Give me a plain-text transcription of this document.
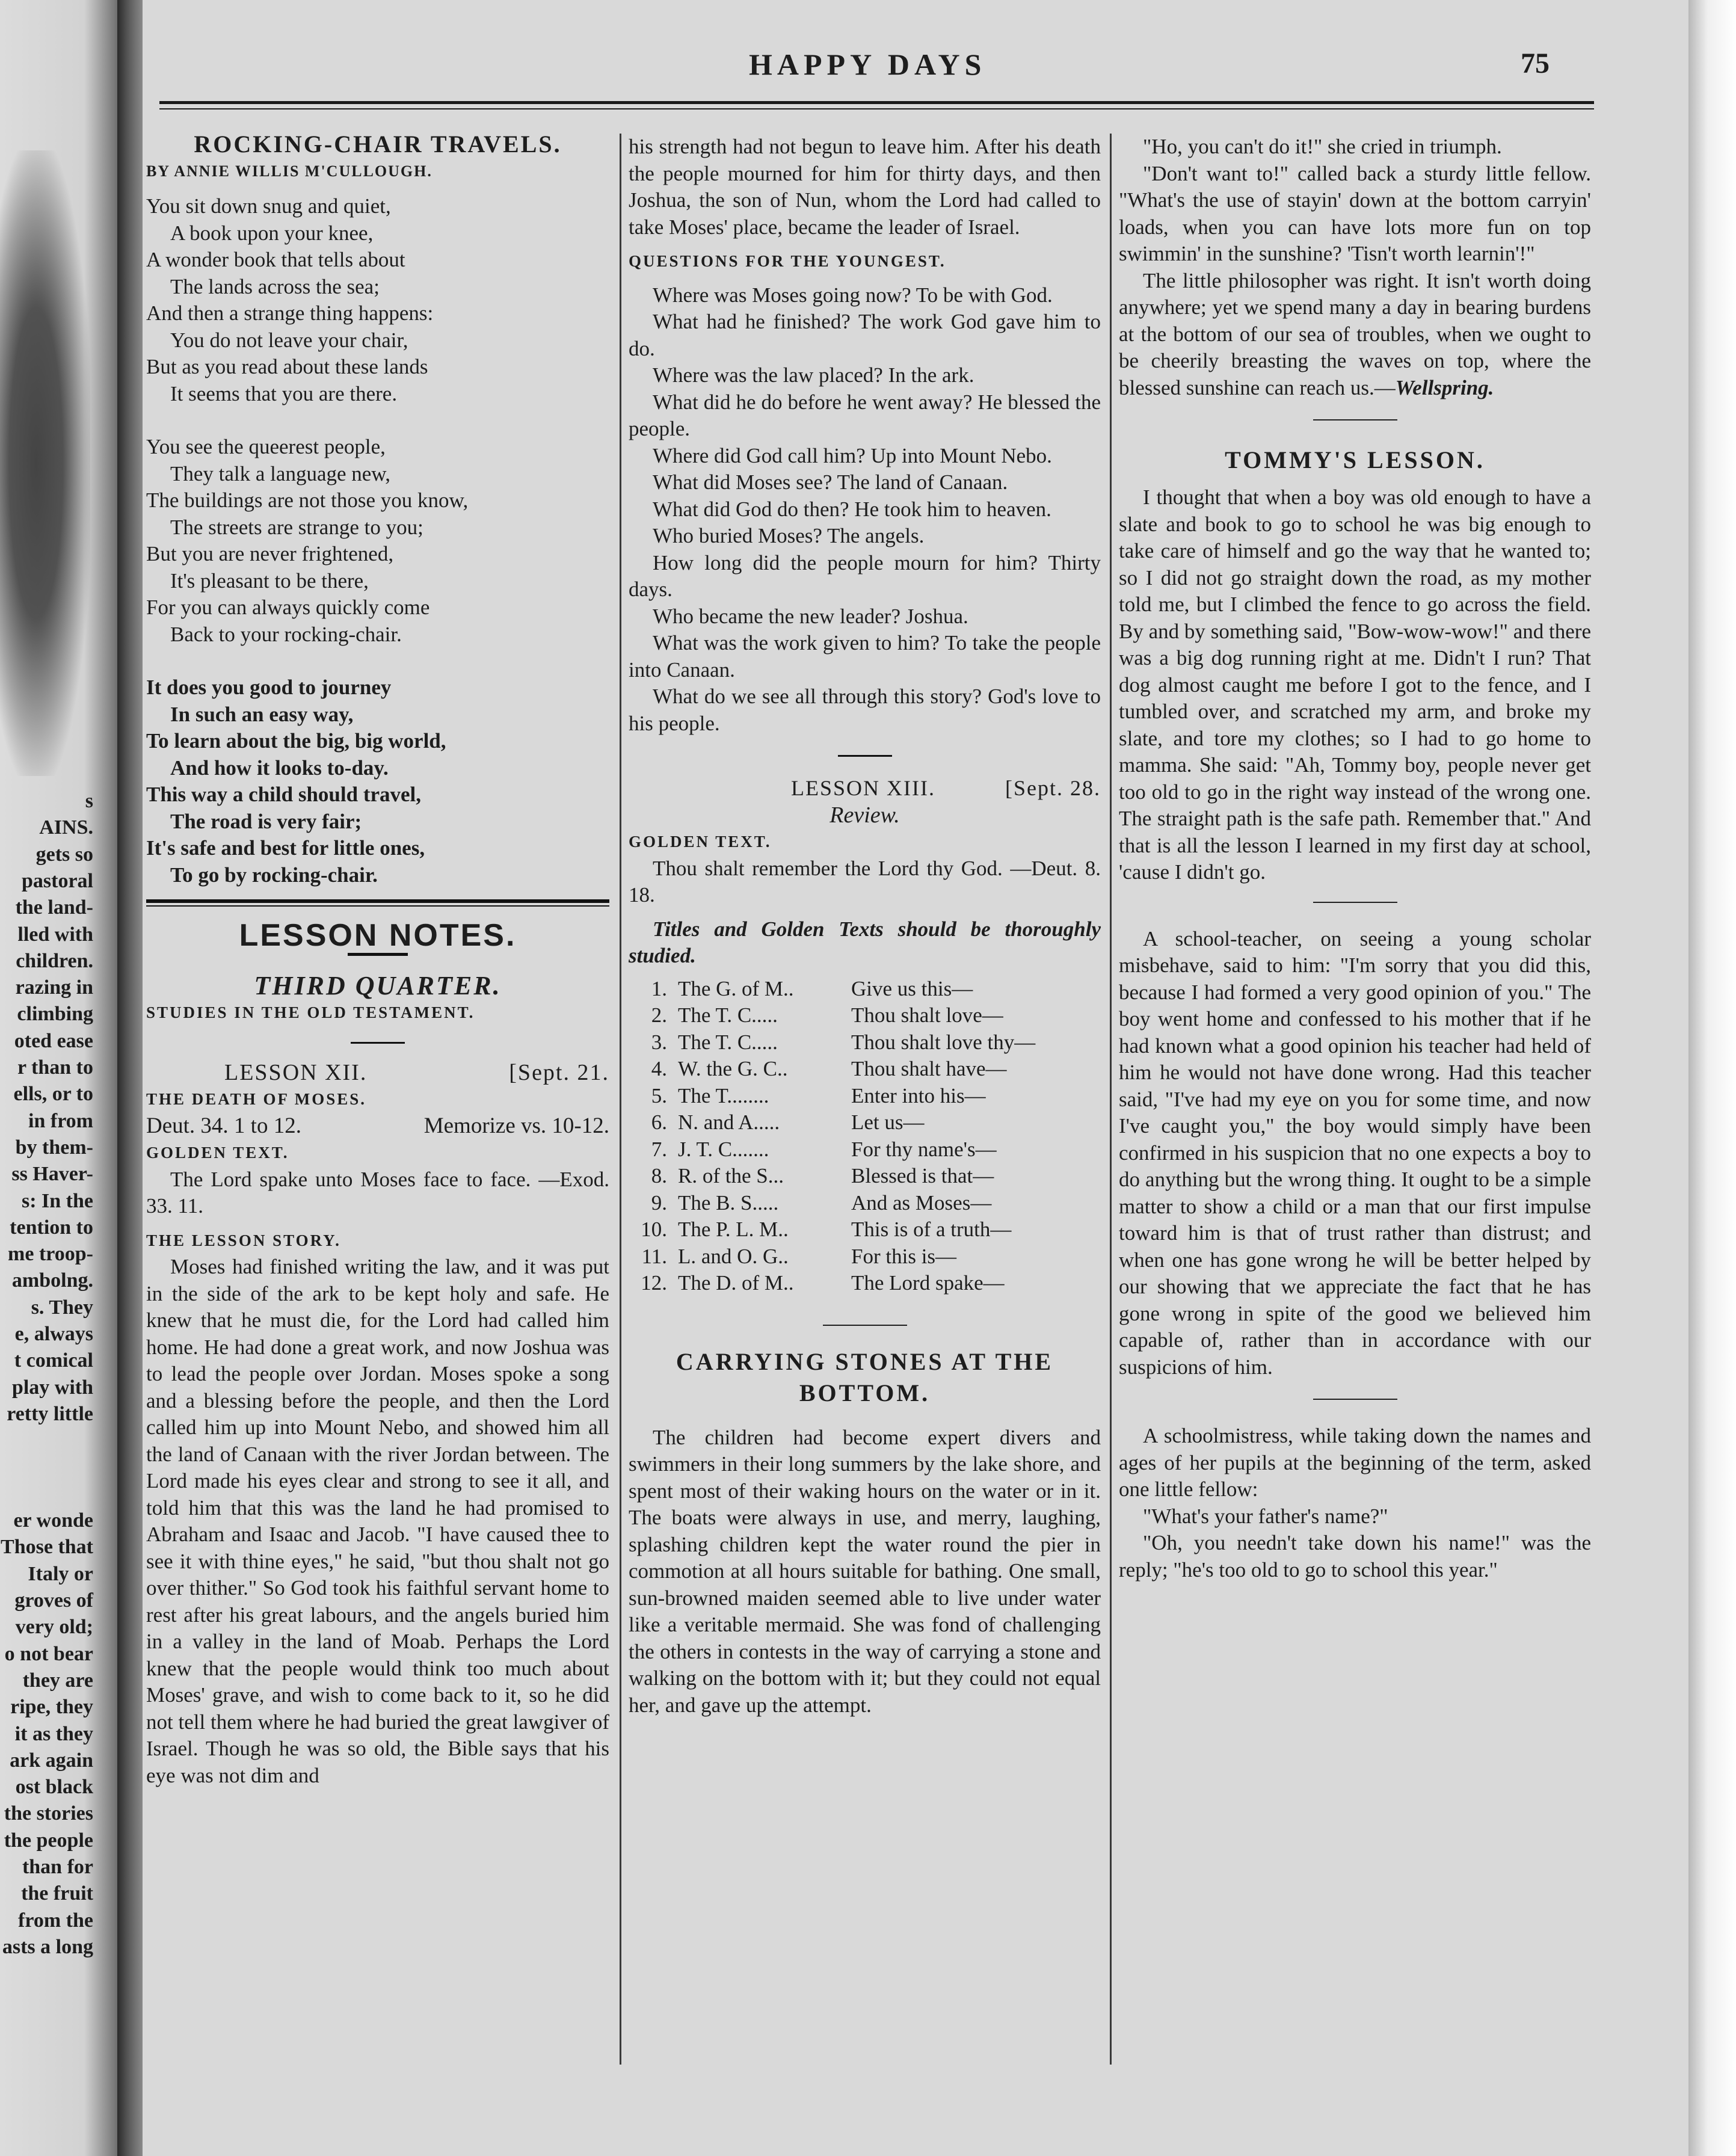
s
AINS.
gets so
pastoral
the land-
lled with
children.
razing in
climbing
oted ease
r than to
ells, or to
in from
by them-
ss Haver-
s: In the
tention to
me troop-
ambolng.
s. They
e, always
t comical
play with
retty little
er wonde
Those that
Italy or
groves of
very old;
o not bear
they are
ripe, they
it as they
ark again
ost black
the stories
the people
than for
the fruit
from the
asts a long
HAPPY DAYS	75
ROCKING-CHAIR TRAVELS.

BY ANNIE WILLIS M'CULLOUGH.

You sit down snug and quiet,
A book upon your knee,
A wonder book that tells about
The lands across the sea;
And then a strange thing happens:
You do not leave your chair,
But as you read about these lands
It seems that you are there.
You see the queerest people,
They talk a language new,
The buildings are not those you know,
The streets are strange to you;
But you are never frightened,
It's pleasant to be there,
For you can always quickly come
Back to your rocking-chair.
It does you good to journey
In such an easy way,
To learn about the big, big world,
And how it looks to-day.
This way a child should travel,
The road is very fair;
It's safe and best for little ones,
To go by rocking-chair.
LESSON NOTES.
THIRD QUARTER.

STUDIES IN THE OLD TESTAMENT.

LESSON XII.	[Sept. 21.

THE DEATH OF MOSES.

Deut. 34. 1 to 12.	Memorize vs. 10-12.

GOLDEN TEXT.

The Lord spake unto Moses face to face. —Exod. 33. 11.

THE LESSON STORY.

Moses had finished writing the law, and it was put in the side of the ark to be kept holy and safe. He knew that he must die, for the Lord had called him home. He had done a great work, and now Joshua was to lead the people over Jordan. Moses spoke a song and a blessing before the people, and then the Lord called him up into Mount Nebo, and showed him all the land of Canaan with the river Jordan between. The Lord made his eyes clear and strong to see it all, and told him that this was the land he had promised to Abraham and Isaac and Jacob. "I have caused thee to see it with thine eyes," he said, "but thou shalt not go over thither." So God took his faithful servant home to rest after his great labours, and the angels buried him in a valley in the land of Moab. Perhaps the Lord knew that the people would think too much about Moses' grave, and wish to come back to it, so he did not tell them where he had buried the great lawgiver of Israel. Though he was so old, the Bible says that his eye was not dim and

his strength had not begun to leave him. After his death the people mourned for him for thirty days, and then Joshua, the son of Nun, whom the Lord had called to take Moses' place, became the leader of Israel.

QUESTIONS FOR THE YOUNGEST.

Where was Moses going now? To be with God.

What had he finished? The work God gave him to do.

Where was the law placed? In the ark.

What did he do before he went away? He blessed the people.

Where did God call him? Up into Mount Nebo.

What did Moses see? The land of Canaan.

What did God do then? He took him to heaven.

Who buried Moses? The angels.

How long did the people mourn for him? Thirty days.

Who became the new leader? Joshua.

What was the work given to him? To take the people into Canaan.

What do we see all through this story? God's love to his people.

LESSON XIII.	[Sept. 28.

Review.

GOLDEN TEXT.

Thou shalt remember the Lord thy God. —Deut. 8. 18.

Titles and Golden Texts should be thoroughly studied.

1. The G. of M..	Give us this—
2. The T. C.....	Thou shalt love—
3. The T. C.....	Thou shalt love thy—
4. W. the G. C..	Thou shalt have—
5. The T........	Enter into his—
6. N. and A.....	Let us—
7. J. T. C.......	For thy name's—
8. R. of the S...	Blessed is that—
9. The B. S.....	And as Moses—
10. The P. L. M..	This is of a truth—
11. L. and O. G..	For this is—
12. The D. of M..	The Lord spake—
CARRYING STONES AT THE BOTTOM.

The children had become expert divers and swimmers in their long summers by the lake shore, and spent most of their waking hours on the water or in it. The boats were always in use, and merry, laughing, splashing children kept the water round the pier in commotion at all hours suitable for bathing. One small, sun-browned maiden seemed able to live under water like a veritable mermaid. She was fond of challenging the others in contests in the way of carrying a stone and walking on the bottom with it; but they could not equal her, and gave up the attempt.

"Ho, you can't do it!" she cried in triumph.

"Don't want to!" called back a sturdy little fellow. "What's the use of stayin' down at the bottom carryin' loads, when you can have lots more fun on top swimmin' in the sunshine? 'Tisn't worth learnin'!"

The little philosopher was right. It isn't worth doing anywhere; yet we spend many a day in bearing burdens at the bottom of our sea of troubles, when we ought to be cheerily breasting the waves on top, where the blessed sunshine can reach us.—Wellspring.

TOMMY'S LESSON.

I thought that when a boy was old enough to have a slate and book to go to school he was big enough to take care of himself and go the way that he wanted to; so I did not go straight down the road, as my mother told me, but I climbed the fence to go across the field. By and by something said, "Bow-wow-wow!" and there was a big dog running right at me. Didn't I run? That dog almost caught me before I got to the fence, and I tumbled over, and scratched my arm, and broke my slate, and tore my clothes; so I had to go home to mamma. She said: "Ah, Tommy boy, people never get too old to go in the right way instead of the wrong one. The straight path is the safe path. Remember that." And that is all the lesson I learned in my first day at school, 'cause I didn't go.

A school-teacher, on seeing a young scholar misbehave, said to him: "I'm sorry that you did this, because I had formed a very good opinion of you." The boy went home and confessed to his mother that if he had known what a good opinion his teacher had held of him he would not have done wrong. Had this teacher said, "I've had my eye on you for some time, and now I've caught you," the boy would simply have been confirmed in his suspicion that no one expects a boy to do anything but the wrong thing. It ought to be a simple matter to show a child or a man that our first impulse toward him is that of trust rather than distrust; and when one has gone wrong he will be better helped by our showing that we appreciate the fact that he has gone wrong in spite of the good we believed him capable of, rather than in accordance with our suspicions of him.

A schoolmistress, while taking down the names and ages of her pupils at the beginning of the term, asked one little fellow:

"What's your father's name?"

"Oh, you needn't take down his name!" was the reply; "he's too old to go to school this year."
